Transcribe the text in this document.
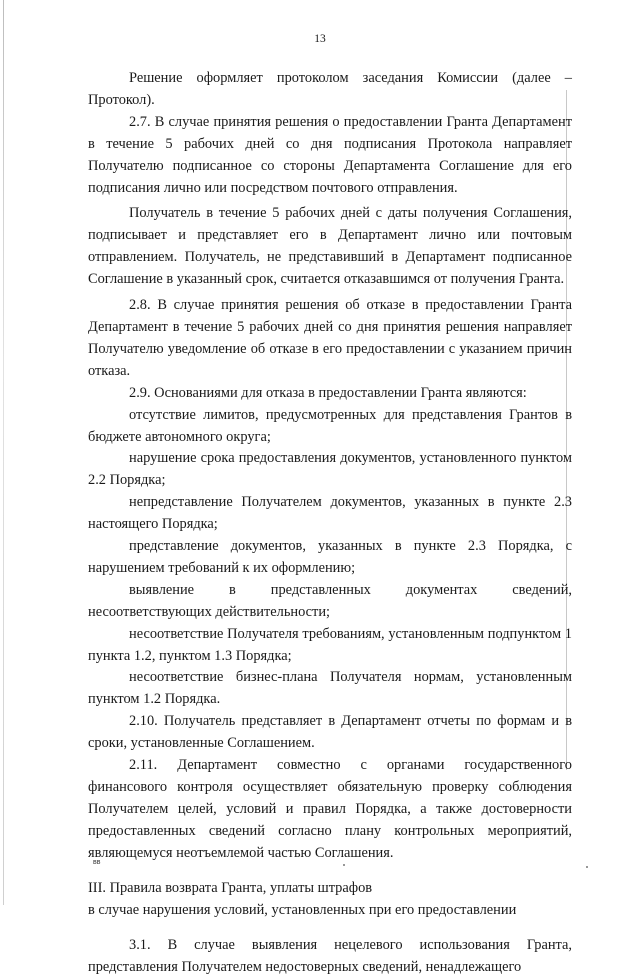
13

Решение оформляет протоколом заседания Комиссии (далее – Протокол).

2.7. В случае принятия решения о предоставлении Гранта Департамент в течение 5 рабочих дней со дня подписания Протокола направляет Получателю подписанное со стороны Департамента Соглашение для его подписания лично или посредством почтового отправления.

Получатель в течение 5 рабочих дней с даты получения Соглашения, подписывает и представляет его в Департамент лично или почтовым отправлением. Получатель, не представивший в Департамент подписанное Соглашение в указанный срок, считается отказавшимся от получения Гранта.

2.8. В случае принятия решения об отказе в предоставлении Гранта Департамент в течение 5 рабочих дней со дня принятия решения направляет Получателю уведомление об отказе в его предоставлении с указанием причин отказа.

2.9. Основаниями для отказа в предоставлении Гранта являются:

отсутствие лимитов, предусмотренных для представления Грантов в бюджете автономного округа;

нарушение срока предоставления документов, установленного пунктом 2.2 Порядка;

непредставление Получателем документов, указанных в пункте 2.3 настоящего Порядка;

представление документов, указанных в пункте 2.3 Порядка, с нарушением требований к их оформлению;

выявление в представленных документах сведений, несоответствующих действительности;

несоответствие Получателя требованиям, установленным подпунктом 1 пункта 1.2, пунктом 1.3 Порядка;

несоответствие бизнес-плана Получателя нормам, установленным пунктом 1.2 Порядка.

2.10. Получатель представляет в Департамент отчеты по формам и в сроки, установленные Соглашением.

2.11. Департамент совместно с органами государственного финансового контроля осуществляет обязательную проверку соблюдения Получателем целей, условий и правил Порядка, а также достоверности предоставленных сведений согласно плану контрольных мероприятий, являющемуся неотъемлемой частью Соглашения.

III. Правила возврата Гранта, уплаты штрафов

в случае нарушения условий, установленных при его предоставлении

3.1. В случае выявления нецелевого использования Гранта, представления Получателем недостоверных сведений, ненадлежащего

вв
